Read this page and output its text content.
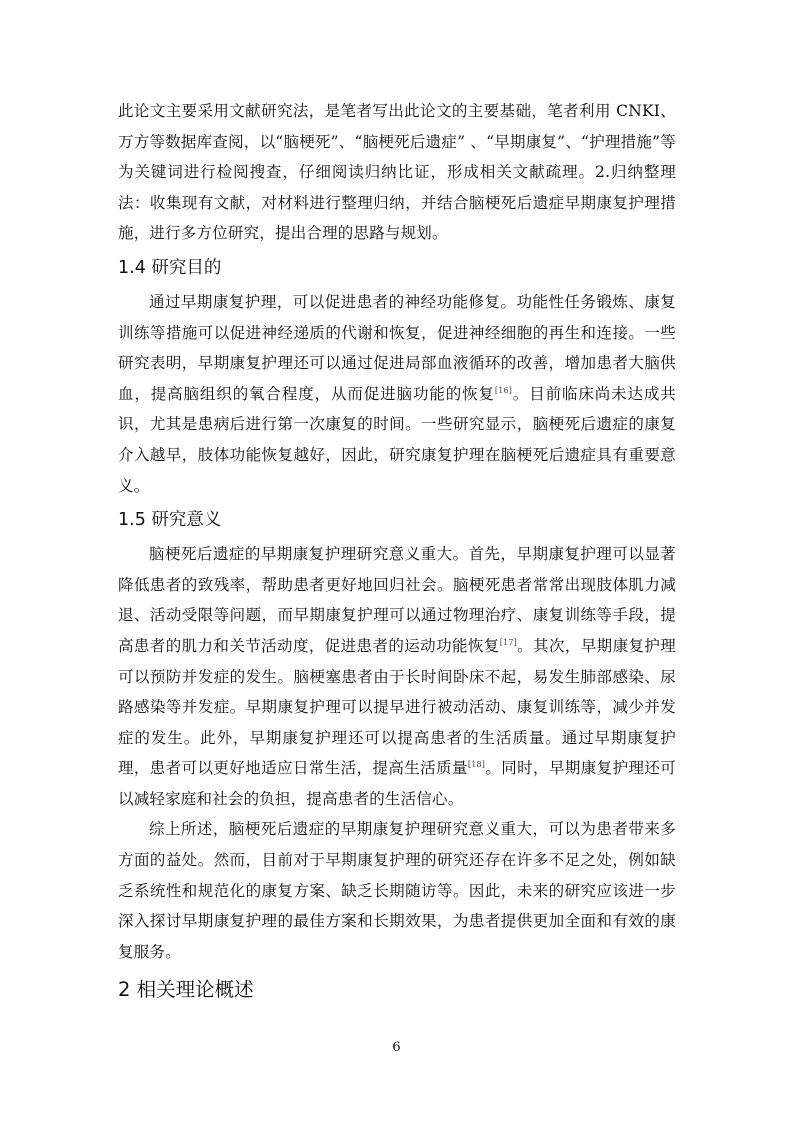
此论文主要采用文献研究法，是笔者写出此论文的主要基础，笔者利用 CNKI、万方等数据库查阅，以“脑梗死”、“脑梗死后遗症” 、“早期康复”、“护理措施”等为关键词进行检阅搜查，仔细阅读归纳比证，形成相关文献疏理。2.归纳整理法：收集现有文献，对材料进行整理归纳，并结合脑梗死后遗症早期康复护理措施，进行多方位研究，提出合理的思路与规划。

1.4 研究目的

通过早期康复护理，可以促进患者的神经功能修复。功能性任务锻炼、康复训练等措施可以促进神经递质的代谢和恢复，促进神经细胞的再生和连接。一些研究表明，早期康复护理还可以通过促进局部血液循环的改善，增加患者大脑供血，提高脑组织的氧合程度，从而促进脑功能的恢复[16]。目前临床尚未达成共识，尤其是患病后进行第一次康复的时间。一些研究显示，脑梗死后遗症的康复介入越早，肢体功能恢复越好，因此，研究康复护理在脑梗死后遗症具有重要意义。

1.5 研究意义

脑梗死后遗症的早期康复护理研究意义重大。首先，早期康复护理可以显著降低患者的致残率，帮助患者更好地回归社会。脑梗死患者常常出现肢体肌力减退、活动受限等问题，而早期康复护理可以通过物理治疗、康复训练等手段，提高患者的肌力和关节活动度，促进患者的运动功能恢复[17]。其次，早期康复护理可以预防并发症的发生。脑梗塞患者由于长时间卧床不起，易发生肺部感染、尿路感染等并发症。早期康复护理可以提早进行被动活动、康复训练等，减少并发症的发生。此外，早期康复护理还可以提高患者的生活质量。通过早期康复护理，患者可以更好地适应日常生活，提高生活质量[18]。同时，早期康复护理还可以减轻家庭和社会的负担，提高患者的生活信心。

综上所述，脑梗死后遗症的早期康复护理研究意义重大，可以为患者带来多方面的益处。然而，目前对于早期康复护理的研究还存在许多不足之处，例如缺乏系统性和规范化的康复方案、缺乏长期随访等。因此，未来的研究应该进一步深入探讨早期康复护理的最佳方案和长期效果，为患者提供更加全面和有效的康复服务。

2 相关理论概述
6
